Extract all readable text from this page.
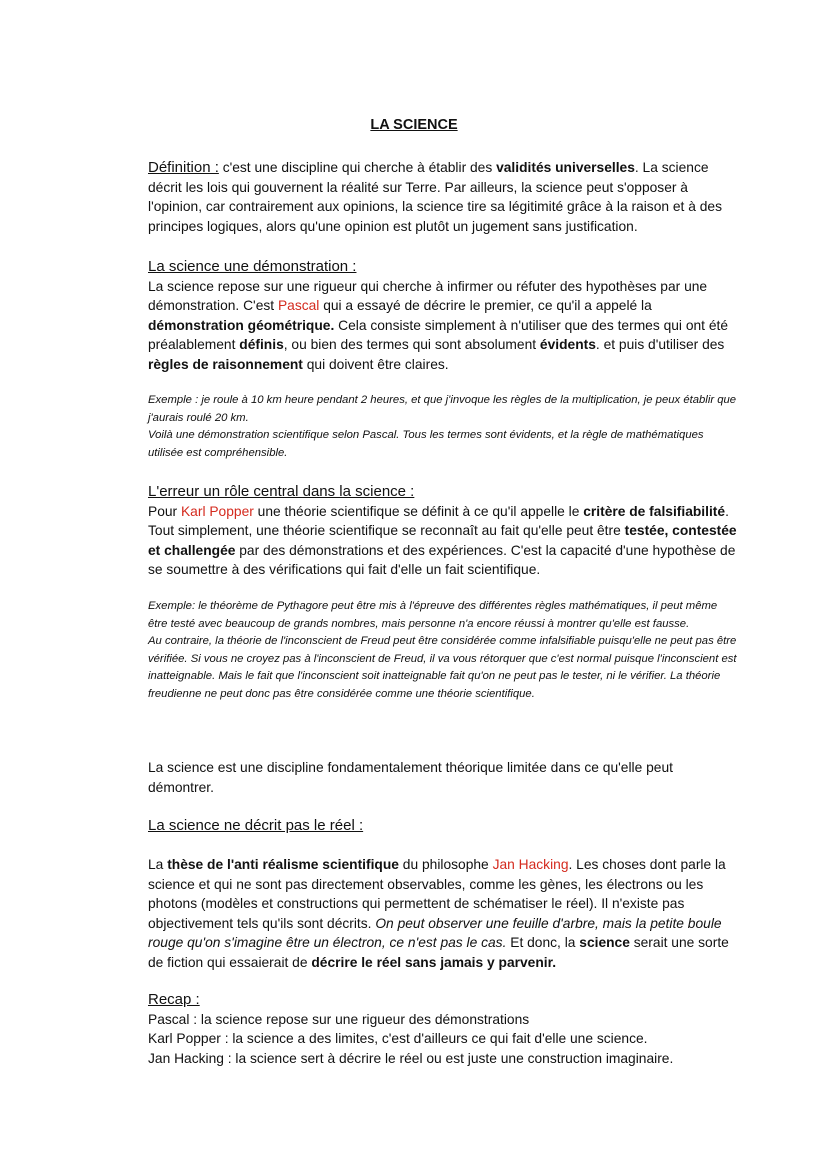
LA SCIENCE

Définition : c'est une discipline qui cherche à établir des validités universelles. La science décrit les lois qui gouvernent la réalité sur Terre. Par ailleurs, la science peut s'opposer à l'opinion, car contrairement aux opinions, la science tire sa légitimité grâce à la raison et à des principes logiques, alors qu'une opinion est plutôt un jugement sans justification.

La science une démonstration :

La science repose sur une rigueur qui cherche à infirmer ou réfuter des hypothèses par une démonstration. C'est Pascal qui a essayé de décrire le premier, ce qu'il a appelé la démonstration géométrique. Cela consiste simplement à n'utiliser que des termes qui ont été préalablement définis, ou bien des termes qui sont absolument évidents. et puis d'utiliser des règles de raisonnement qui doivent être claires.

Exemple : je roule à 10 km heure pendant 2 heures, et que j'invoque les règles de la multiplication, je peux établir que j'aurais roulé 20 km.

Voilà une démonstration scientifique selon Pascal. Tous les termes sont évidents, et la règle de mathématiques utilisée est compréhensible.

L'erreur un rôle central dans la science :

Pour Karl Popper une théorie scientifique se définit à ce qu'il appelle le critère de falsifiabilité. Tout simplement, une théorie scientifique se reconnaît au fait qu'elle peut être testée, contestée et challengée par des démonstrations et des expériences. C'est la capacité d'une hypothèse de se soumettre à des vérifications qui fait d'elle un fait scientifique.

Exemple: le théorème de Pythagore peut être mis à l'épreuve des différentes règles mathématiques, il peut même être testé avec beaucoup de grands nombres, mais personne n'a encore réussi à montrer qu'elle est fausse.

Au contraire, la théorie de l'inconscient de Freud peut être considérée comme infalsifiable puisqu'elle ne peut pas être vérifiée. Si vous ne croyez pas à l'inconscient de Freud, il va vous rétorquer que c'est normal puisque l'inconscient est inatteignable. Mais le fait que l'inconscient soit inatteignable fait qu'on ne peut pas le tester, ni le vérifier. La théorie freudienne ne peut donc pas être considérée comme une théorie scientifique.

La science est une discipline fondamentalement théorique limitée dans ce qu'elle peut démontrer.

La science ne décrit pas le réel :

La thèse de l'anti réalisme scientifique du philosophe Jan Hacking. Les choses dont parle la science et qui ne sont pas directement observables, comme les gènes, les électrons ou les photons (modèles et constructions qui permettent de schématiser le réel). Il n'existe pas objectivement tels qu'ils sont décrits. On peut observer une feuille d'arbre, mais la petite boule rouge qu'on s'imagine être un électron, ce n'est pas le cas. Et donc, la science serait une sorte de fiction qui essaierait de décrire le réel sans jamais y parvenir.

Recap :

Pascal : la science repose sur une rigueur des démonstrations

Karl Popper : la science a des limites, c'est d'ailleurs ce qui fait d'elle une science.

Jan Hacking : la science sert à décrire le réel ou est juste une construction imaginaire.
